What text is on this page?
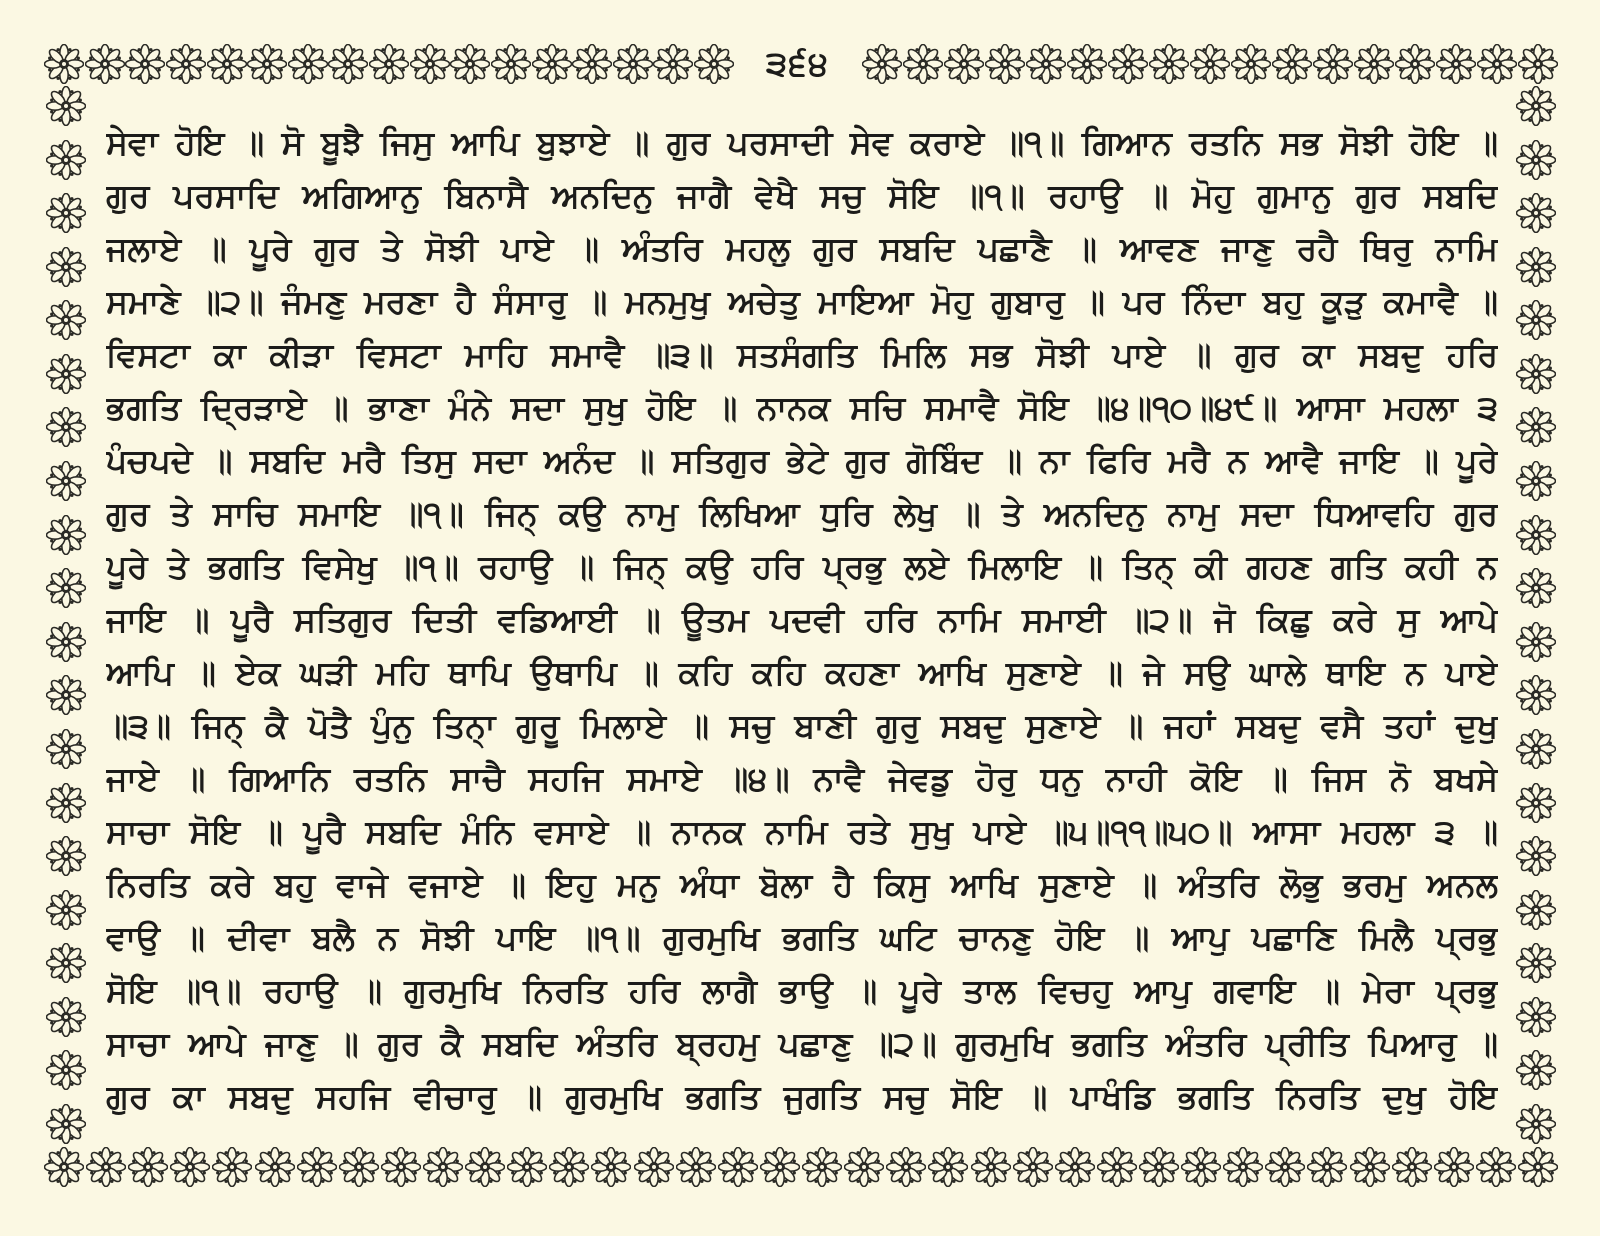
੩੬੪
ਸੇਵਾ ਹੋਇ ॥ ਸੋ ਬੂਝੈ ਜਿਸੁ ਆਪਿ ਬੁਝਾਏ ॥ ਗੁਰ ਪਰਸਾਦੀ ਸੇਵ ਕਰਾਏ ॥੧॥ ਗਿਆਨ ਰਤਨਿ ਸਭ ਸੋਝੀ ਹੋਇ ॥
ਗੁਰ ਪਰਸਾਦਿ ਅਗਿਆਨੁ ਬਿਨਾਸੈ ਅਨਦਿਨੁ ਜਾਗੈ ਵੇਖੈ ਸਚੁ ਸੋਇ ॥੧॥ ਰਹਾਉ ॥ ਮੋਹੁ ਗੁਮਾਨੁ ਗੁਰ ਸਬਦਿ
ਜਲਾਏ ॥ ਪੂਰੇ ਗੁਰ ਤੇ ਸੋਝੀ ਪਾਏ ॥ ਅੰਤਰਿ ਮਹਲੁ ਗੁਰ ਸਬਦਿ ਪਛਾਣੈ ॥ ਆਵਣ ਜਾਣੁ ਰਹੈ ਥਿਰੁ ਨਾਮਿ
ਸਮਾਣੇ ॥੨॥ ਜੰਮਣੁ ਮਰਣਾ ਹੈ ਸੰਸਾਰੁ ॥ ਮਨਮੁਖੁ ਅਚੇਤੁ ਮਾਇਆ ਮੋਹੁ ਗੁਬਾਰੁ ॥ ਪਰ ਨਿੰਦਾ ਬਹੁ ਕੂੜੁ ਕਮਾਵੈ ॥
ਵਿਸਟਾ ਕਾ ਕੀੜਾ ਵਿਸਟਾ ਮਾਹਿ ਸਮਾਵੈ ॥੩॥ ਸਤਸੰਗਤਿ ਮਿਲਿ ਸਭ ਸੋਝੀ ਪਾਏ ॥ ਗੁਰ ਕਾ ਸਬਦੁ ਹਰਿ
ਭਗਤਿ ਦ੍ਰਿੜਾਏ ॥ ਭਾਣਾ ਮੰਨੇ ਸਦਾ ਸੁਖੁ ਹੋਇ ॥ ਨਾਨਕ ਸਚਿ ਸਮਾਵੈ ਸੋਇ ॥੪॥੧੦॥੪੯॥ ਆਸਾ ਮਹਲਾ ੩
ਪੰਚਪਦੇ ॥ ਸਬਦਿ ਮਰੈ ਤਿਸੁ ਸਦਾ ਅਨੰਦ ॥ ਸਤਿਗੁਰ ਭੇਟੇ ਗੁਰ ਗੋਬਿੰਦ ॥ ਨਾ ਫਿਰਿ ਮਰੈ ਨ ਆਵੈ ਜਾਇ ॥ ਪੂਰੇ
ਗੁਰ ਤੇ ਸਾਚਿ ਸਮਾਇ ॥੧॥ ਜਿਨ੍ ਕਉ ਨਾਮੁ ਲਿਖਿਆ ਧੁਰਿ ਲੇਖੁ ॥ ਤੇ ਅਨਦਿਨੁ ਨਾਮੁ ਸਦਾ ਧਿਆਵਹਿ ਗੁਰ
ਪੂਰੇ ਤੇ ਭਗਤਿ ਵਿਸੇਖੁ ॥੧॥ ਰਹਾਉ ॥ ਜਿਨ੍ ਕਉ ਹਰਿ ਪ੍ਰਭੁ ਲਏ ਮਿਲਾਇ ॥ ਤਿਨ੍ ਕੀ ਗਹਣ ਗਤਿ ਕਹੀ ਨ
ਜਾਇ ॥ ਪੂਰੈ ਸਤਿਗੁਰ ਦਿਤੀ ਵਡਿਆਈ ॥ ਊਤਮ ਪਦਵੀ ਹਰਿ ਨਾਮਿ ਸਮਾਈ ॥੨॥ ਜੋ ਕਿਛੁ ਕਰੇ ਸੁ ਆਪੇ
ਆਪਿ ॥ ਏਕ ਘੜੀ ਮਹਿ ਥਾਪਿ ਉਥਾਪਿ ॥ ਕਹਿ ਕਹਿ ਕਹਣਾ ਆਖਿ ਸੁਣਾਏ ॥ ਜੇ ਸਉ ਘਾਲੇ ਥਾਇ ਨ ਪਾਏ
॥੩॥ ਜਿਨ੍ ਕੈ ਪੋਤੈ ਪੁੰਨੁ ਤਿਨਾ੍ ਗੁਰੂ ਮਿਲਾਏ ॥ ਸਚੁ ਬਾਣੀ ਗੁਰੁ ਸਬਦੁ ਸੁਣਾਏ ॥ ਜਹਾਂ ਸਬਦੁ ਵਸੈ ਤਹਾਂ ਦੁਖੁ
ਜਾਏ ॥ ਗਿਆਨਿ ਰਤਨਿ ਸਾਚੈ ਸਹਜਿ ਸਮਾਏ ॥੪॥ ਨਾਵੈ ਜੇਵਡੁ ਹੋਰੁ ਧਨੁ ਨਾਹੀ ਕੋਇ ॥ ਜਿਸ ਨੋ ਬਖਸੇ
ਸਾਚਾ ਸੋਇ ॥ ਪੂਰੈ ਸਬਦਿ ਮੰਨਿ ਵਸਾਏ ॥ ਨਾਨਕ ਨਾਮਿ ਰਤੇ ਸੁਖੁ ਪਾਏ ॥੫॥੧੧॥੫੦॥ ਆਸਾ ਮਹਲਾ ੩ ॥
ਨਿਰਤਿ ਕਰੇ ਬਹੁ ਵਾਜੇ ਵਜਾਏ ॥ ਇਹੁ ਮਨੁ ਅੰਧਾ ਬੋਲਾ ਹੈ ਕਿਸੁ ਆਖਿ ਸੁਣਾਏ ॥ ਅੰਤਰਿ ਲੋਭੁ ਭਰਮੁ ਅਨਲ
ਵਾਉ ॥ ਦੀਵਾ ਬਲੈ ਨ ਸੋਝੀ ਪਾਇ ॥੧॥ ਗੁਰਮੁਖਿ ਭਗਤਿ ਘਟਿ ਚਾਨਣੁ ਹੋਇ ॥ ਆਪੁ ਪਛਾਣਿ ਮਿਲੈ ਪ੍ਰਭੁ
ਸੋਇ ॥੧॥ ਰਹਾਉ ॥ ਗੁਰਮੁਖਿ ਨਿਰਤਿ ਹਰਿ ਲਾਗੈ ਭਾਉ ॥ ਪੂਰੇ ਤਾਲ ਵਿਚਹੁ ਆਪੁ ਗਵਾਇ ॥ ਮੇਰਾ ਪ੍ਰਭੁ
ਸਾਚਾ ਆਪੇ ਜਾਣੁ ॥ ਗੁਰ ਕੈ ਸਬਦਿ ਅੰਤਰਿ ਬ੍ਰਹਮੁ ਪਛਾਣੁ ॥੨॥ ਗੁਰਮੁਖਿ ਭਗਤਿ ਅੰਤਰਿ ਪ੍ਰੀਤਿ ਪਿਆਰੁ ॥
ਗੁਰ ਕਾ ਸਬਦੁ ਸਹਜਿ ਵੀਚਾਰੁ ॥ ਗੁਰਮੁਖਿ ਭਗਤਿ ਜੁਗਤਿ ਸਚੁ ਸੋਇ ॥ ਪਾਖੰਡਿ ਭਗਤਿ ਨਿਰਤਿ ਦੁਖੁ ਹੋਇ
